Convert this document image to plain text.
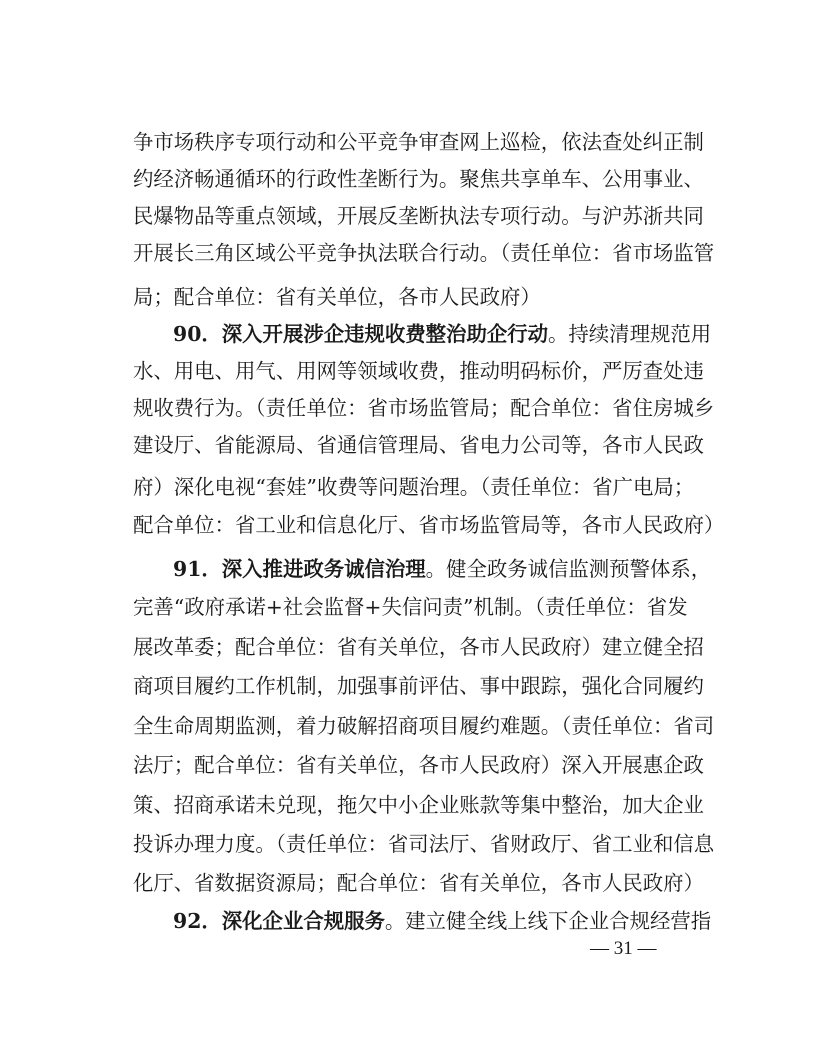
争市场秩序专项行动和公平竞争审查网上巡检，依法查处纠正制
约经济畅通循环的行政性垄断行为。聚焦共享单车、公用事业、
民爆物品等重点领域，开展反垄断执法专项行动。与沪苏浙共同
开展长三角区域公平竞争执法联合行动。（责任单位：省市场监管
局；配合单位：省有关单位，各市人民政府）
90．深入开展涉企违规收费整治助企行动。持续清理规范用
水、用电、用气、用网等领域收费，推动明码标价，严厉查处违
规收费行为。（责任单位：省市场监管局；配合单位：省住房城乡
建设厅、省能源局、省通信管理局、省电力公司等，各市人民政
府）深化电视“套娃”收费等问题治理。（责任单位：省广电局；
配合单位：省工业和信息化厅、省市场监管局等，各市人民政府）
91．深入推进政务诚信治理。健全政务诚信监测预警体系，
完善“政府承诺+社会监督+失信问责”机制。（责任单位：省发
展改革委；配合单位：省有关单位，各市人民政府）建立健全招
商项目履约工作机制，加强事前评估、事中跟踪，强化合同履约
全生命周期监测，着力破解招商项目履约难题。（责任单位：省司
法厅；配合单位：省有关单位，各市人民政府）深入开展惠企政
策、招商承诺未兑现，拖欠中小企业账款等集中整治，加大企业
投诉办理力度。（责任单位：省司法厅、省财政厅、省工业和信息
化厅、省数据资源局；配合单位：省有关单位，各市人民政府）
92．深化企业合规服务。建立健全线上线下企业合规经营指
— 31 —
